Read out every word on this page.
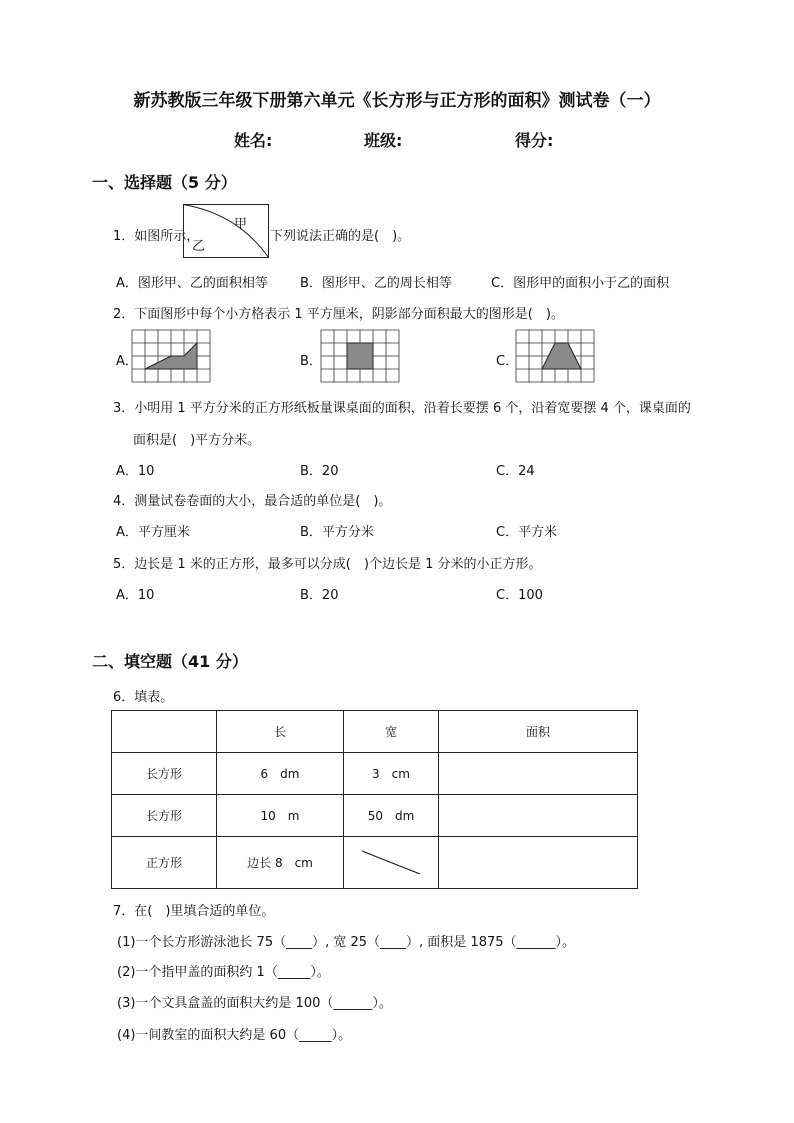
新苏教版三年级下册第六单元《长方形与正方形的面积》测试卷（一）
姓名:	班级:	得分:
一、选择题（5 分）
1．如图所示，
甲
乙
下列说法正确的是(　)。
A．图形甲、乙的面积相等 B．图形甲、乙的周长相等	C．图形甲的面积小于乙的面积
2．下面图形中每个小方格表示 1 平方厘米，阴影部分面积最大的图形是(　)。
A．	B．	C．
3．小明用 1 平方分米的正方形纸板量课桌面的面积，沿着长要摆 6 个，沿着宽要摆 4 个，课桌面的
面积是(　)平方分米。
A．10	B．20	C．24
4．测量试卷卷面的大小，最合适的单位是(　)。
A．平方厘米	B．平方分米	C．平方米
5．边长是 1 米的正方形，最多可以分成(　)个边长是 1 分米的小正方形。
A．10	B．20	C．100
二、填空题（41 分）
6．填表。
	长	宽	面积
长方形	6　dm	3　cm	
长方形	10　m	50　dm	
正方形	边长 8　cm	

7．在(　)里填合适的单位。
(1)一个长方形游泳池长 75（____）, 宽 25（____）, 面积是 1875（______）。
(2)一个指甲盖的面积约 1（_____）。
(3)一个文具盒盖的面积大约是 100（______）。
(4)一间教室的面积大约是 60（_____）。
